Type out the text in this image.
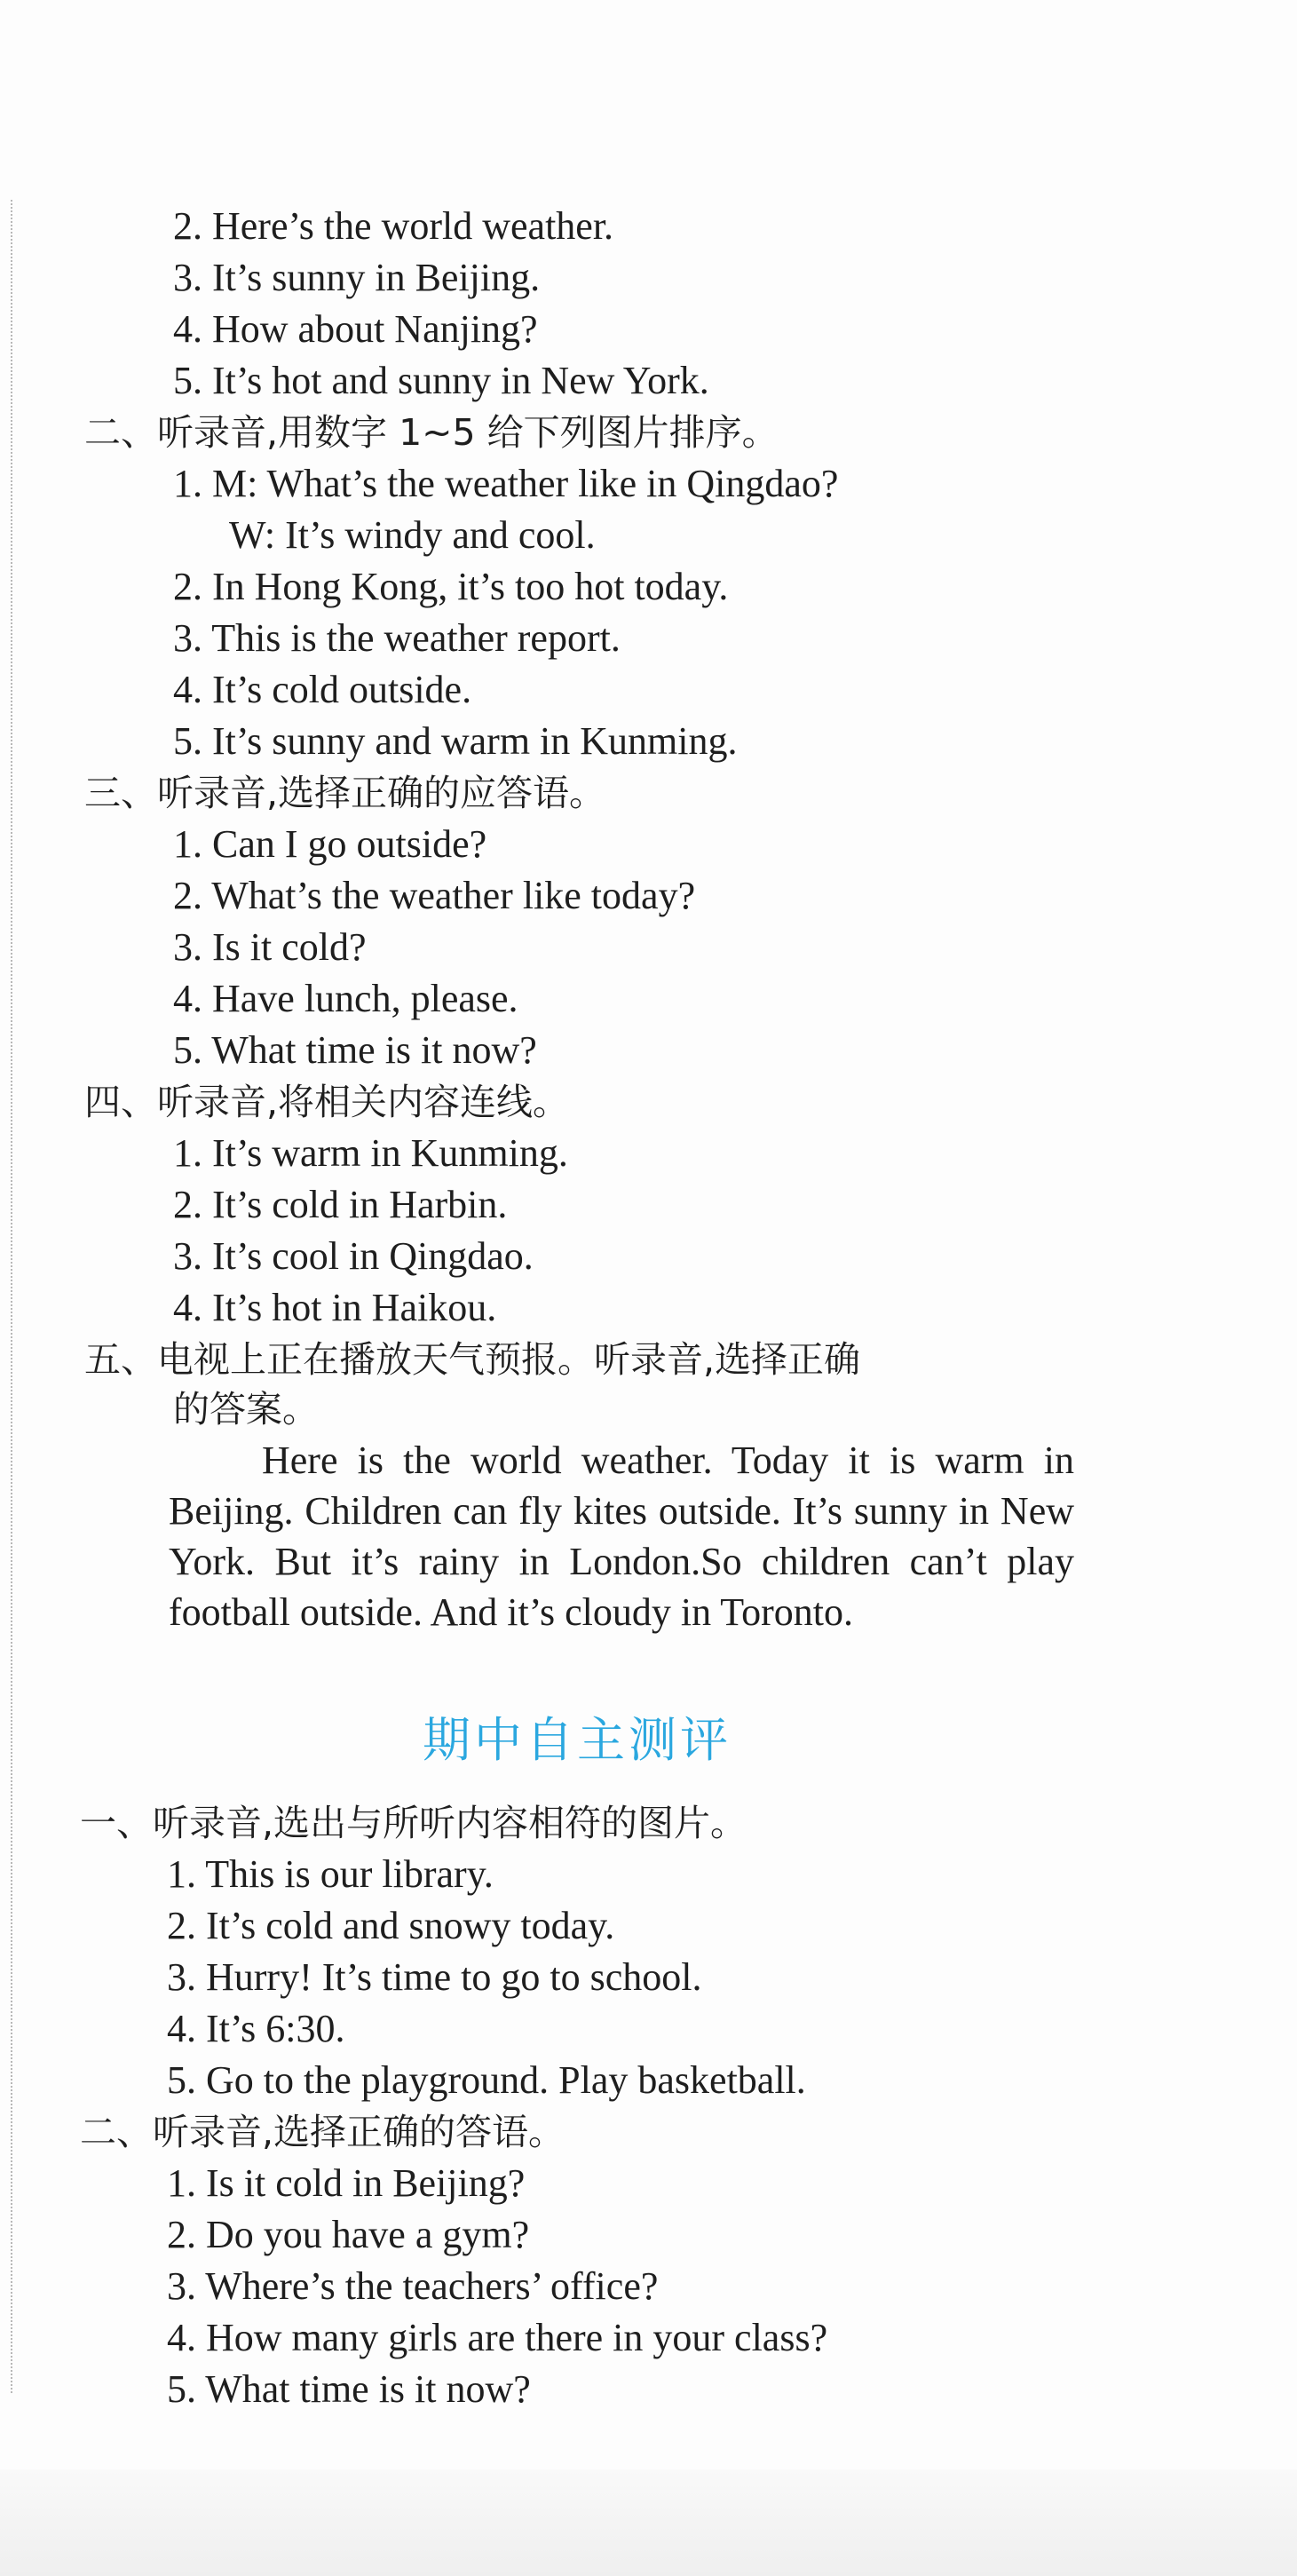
2. Here’s the world weather.
3. It’s sunny in Beijing.
4. How about Nanjing?
5. It’s hot and sunny in New York.
二、听录音,用数字 1~5 给下列图片排序。
1. M: What’s the weather like in Qingdao?
W: It’s windy and cool.
2. In Hong Kong, it’s too hot today.
3. This is the weather report.
4. It’s cold outside.
5. It’s sunny and warm in Kunming.
三、听录音,选择正确的应答语。
1. Can I go outside?
2. What’s the weather like today?
3. Is it cold?
4. Have lunch, please.
5. What time is it now?
四、听录音,将相关内容连线。
1. It’s warm in Kunming.
2. It’s cold in Harbin.
3. It’s cool in Qingdao.
4. It’s hot in Haikou.
五、电视上正在播放天气预报。听录音,选择正确
的答案。
Here is the world weather. Today it is warm in Beijing. Children can fly kites outside. It’s sunny in New York. But it’s rainy in London.So children can’t play football outside. And it’s cloudy in Toronto.
期中自主测评
一、听录音,选出与所听内容相符的图片。
1. This is our library.
2. It’s cold and snowy today.
3. Hurry! It’s time to go to school.
4. It’s 6:30.
5. Go to the playground. Play basketball.
二、听录音,选择正确的答语。
1. Is it cold in Beijing?
2. Do you have a gym?
3. Where’s the teachers’ office?
4. How many girls are there in your class?
5. What time is it now?
